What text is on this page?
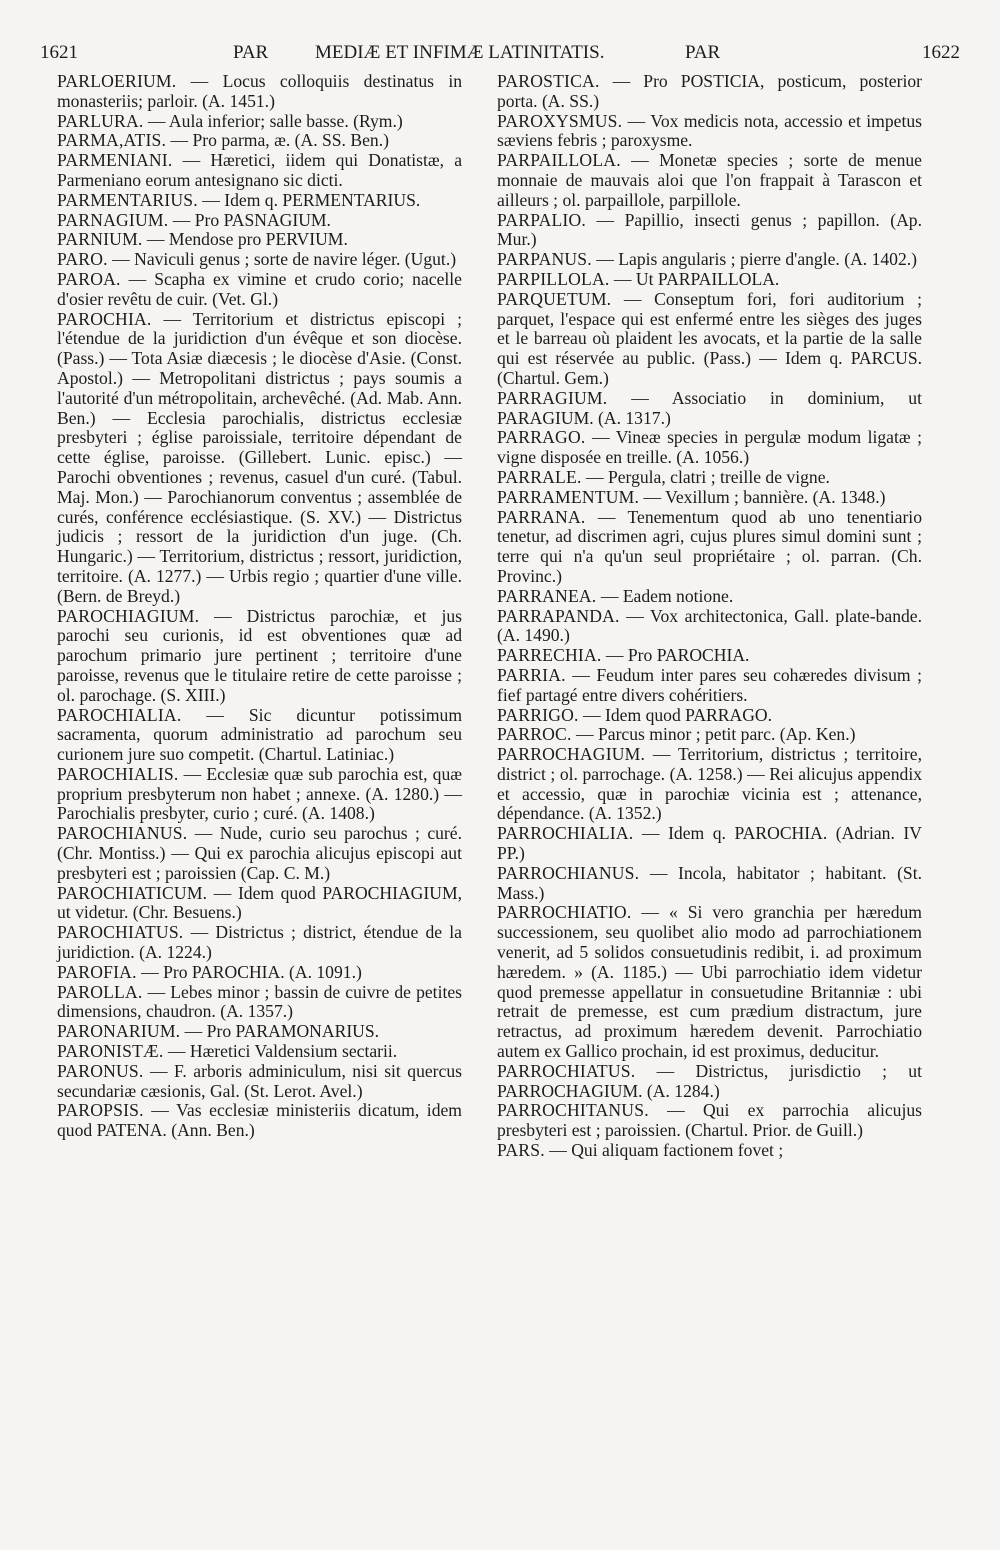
1621	PAR MEDIÆ ET INFIMÆ LATINITATIS.	PAR	1622

PARLOERIUM. — Locus colloquiis destinatus in monasteriis; parloir. (A. 1451.)

PARLURA. — Aula inferior; salle basse. (Rym.)

PARMA,ATIS. — Pro parma, æ. (A. SS. Ben.)

PARMENIANI. — Hæretici, iidem qui Donatistæ, a Parmeniano eorum antesignano sic dicti.

PARMENTARIUS. — Idem q. PERMENTARIUS.

PARNAGIUM. — Pro PASNAGIUM.

PARNIUM. — Mendose pro PERVIUM.

PARO. — Naviculi genus ; sorte de navire léger. (Ugut.)

PAROA. — Scapha ex vimine et crudo corio; nacelle d'osier revêtu de cuir. (Vet. Gl.)

PAROCHIA. — Territorium et districtus episcopi ; l'étendue de la juridiction d'un évêque et son diocèse. (Pass.) — Tota Asiæ diæcesis ; le diocèse d'Asie. (Const. Apostol.) — Metropolitani districtus ; pays soumis a l'autorité d'un métropolitain, archevêché. (Ad. Mab. Ann. Ben.) — Ecclesia parochialis, districtus ecclesiæ presbyteri ; église paroissiale, territoire dépendant de cette église, paroisse. (Gillebert. Lunic. episc.) — Parochi obventiones ; revenus, casuel d'un curé. (Tabul. Maj. Mon.) — Parochianorum conventus ; assemblée de curés, conférence ecclésiastique. (S. XV.) — Districtus judicis ; ressort de la juridiction d'un juge. (Ch. Hungaric.) — Territorium, districtus ; ressort, juridiction, territoire. (A. 1277.) — Urbis regio ; quartier d'une ville. (Bern. de Breyd.)

PAROCHIAGIUM. — Districtus parochiæ, et jus parochi seu curionis, id est obventiones quæ ad parochum primario jure pertinent ; territoire d'une paroisse, revenus que le titulaire retire de cette paroisse ; ol. parochage. (S. XIII.)

PAROCHIALIA. — Sic dicuntur potissimum sacramenta, quorum administratio ad parochum seu curionem jure suo competit. (Chartul. Latiniac.)

PAROCHIALIS. — Ecclesiæ quæ sub parochia est, quæ proprium presbyterum non habet ; annexe. (A. 1280.) — Parochialis presbyter, curio ; curé. (A. 1408.)

PAROCHIANUS. — Nude, curio seu parochus ; curé. (Chr. Montiss.) — Qui ex parochia alicujus episcopi aut presbyteri est ; paroissien (Cap. C. M.)

PAROCHIATICUM. — Idem quod PAROCHIAGIUM, ut videtur. (Chr. Besuens.)

PAROCHIATUS. — Districtus ; district, étendue de la juridiction. (A. 1224.)

PAROFIA. — Pro PAROCHIA. (A. 1091.)

PAROLLA. — Lebes minor ; bassin de cuivre de petites dimensions, chaudron. (A. 1357.)

PARONARIUM. — Pro PARAMONARIUS.

PARONISTÆ. — Hæretici Valdensium sectarii.

PARONUS. — F. arboris adminiculum, nisi sit quercus secundariæ cæsionis, Gal. (St. Lerot. Avel.)

PAROPSIS. — Vas ecclesiæ ministeriis dicatum, idem quod PATENA. (Ann. Ben.)

PAROSTICA. — Pro POSTICIA, posticum, posterior porta. (A. SS.)

PAROXYSMUS. — Vox medicis nota, accessio et impetus sæviens febris ; paroxysme.

PARPAILLOLA. — Monetæ species ; sorte de menue monnaie de mauvais aloi que l'on frappait à Tarascon et ailleurs ; ol. parpaillole, parpillole.

PARPALIO. — Papillio, insecti genus ; papillon. (Ap. Mur.)

PARPANUS. — Lapis angularis ; pierre d'angle. (A. 1402.)

PARPILLOLA. — Ut PARPAILLOLA.

PARQUETUM. — Conseptum fori, fori auditorium ; parquet, l'espace qui est enfermé entre les sièges des juges et le barreau où plaident les avocats, et la partie de la salle qui est réservée au public. (Pass.) — Idem q. PARCUS. (Chartul. Gem.)

PARRAGIUM. — Associatio in dominium, ut PARAGIUM. (A. 1317.)

PARRAGO. — Vineæ species in pergulæ modum ligatæ ; vigne disposée en treille. (A. 1056.)

PARRALE. — Pergula, clatri ; treille de vigne.

PARRAMENTUM. — Vexillum ; bannière. (A. 1348.)

PARRANA. — Tenementum quod ab uno tenentiario tenetur, ad discrimen agri, cujus plures simul domini sunt ; terre qui n'a qu'un seul propriétaire ; ol. parran. (Ch. Provinc.)

PARRANEA. — Eadem notione.

PARRAPANDA. — Vox architectonica, Gall. plate-bande. (A. 1490.)

PARRECHIA. — Pro PAROCHIA.

PARRIA. — Feudum inter pares seu cohæredes divisum ; fief partagé entre divers cohéritiers.

PARRIGO. — Idem quod PARRAGO.

PARROC. — Parcus minor ; petit parc. (Ap. Ken.)

PARROCHAGIUM. — Territorium, districtus ; territoire, district ; ol. parrochage. (A. 1258.) — Rei alicujus appendix et accessio, quæ in parochiæ vicinia est ; attenance, dépendance. (A. 1352.)

PARROCHIALIA. — Idem q. PAROCHIA. (Adrian. IV PP.)

PARROCHIANUS. — Incola, habitator ; habitant. (St. Mass.)

PARROCHIATIO. — « Si vero granchia per hæredum successionem, seu quolibet alio modo ad parrochiationem venerit, ad 5 solidos consuetudinis redibit, i. ad proximum hæredem. » (A. 1185.) — Ubi parrochiatio idem videtur quod premesse appellatur in consuetudine Britanniæ : ubi retrait de premesse, est cum prædium distractum, jure retractus, ad proximum hæredem devenit. Parrochiatio autem ex Gallico prochain, id est proximus, deducitur.

PARROCHIATUS. — Districtus, jurisdictio ; ut PARROCHAGIUM. (A. 1284.)

PARROCHITANUS. — Qui ex parrochia alicujus presbyteri est ; paroissien. (Chartul. Prior. de Guill.)

PARS. — Qui aliquam factionem fovet ;
